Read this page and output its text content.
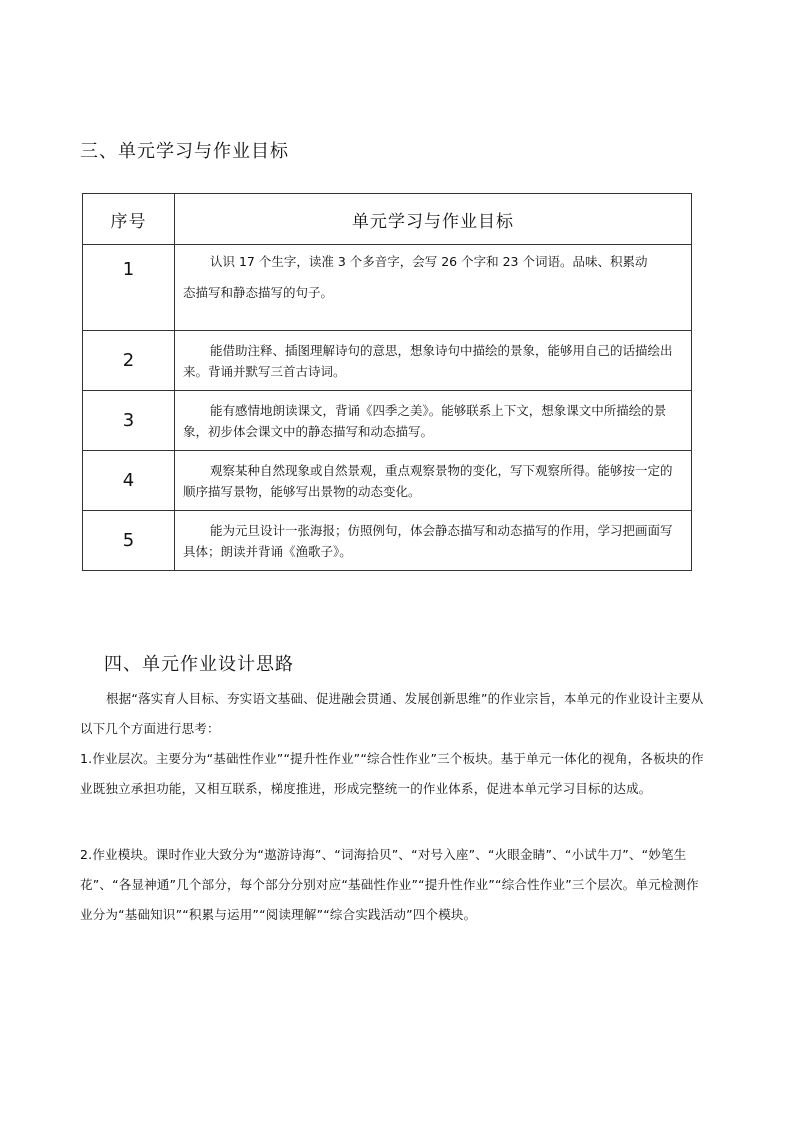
三、单元学习与作业目标
序号	单元学习与作业目标
1	认识 17 个生字，读准 3 个多音字，会写 26 个字和 23 个词语。品味、积累动

态描写和静态描写的句子。

2	能借助注释、插图理解诗句的意思，想象诗句中描绘的景象，能够用自己的话描绘出来。背诵并默写三首古诗词。

3	能有感情地朗读课文，背诵《四季之美》。能够联系上下文，想象课文中所描绘的景象，初步体会课文中的静态描写和动态描写。

4	观察某种自然现象或自然景观，重点观察景物的变化，写下观察所得。能够按一定的顺序描写景物，能够写出景物的动态变化。

5	能为元旦设计一张海报；仿照例句，体会静态描写和动态描写的作用，学习把画面写具体；朗读并背诵《渔歌子》。

四、单元作业设计思路

根据“落实育人目标、夯实语文基础、促进融会贯通、发展创新思维”的作业宗旨，本单元的作业设计主要从以下几个方面进行思考：

1.作业层次。主要分为“基础性作业”“提升性作业”“综合性作业”三个板块。基于单元一体化的视角，各板块的作业既独立承担功能，又相互联系，梯度推进，形成完整统一的作业体系，促进本单元学习目标的达成。

2.作业模块。课时作业大致分为“遨游诗海”、“词海拾贝”、“对号入座”、“火眼金睛”、“小试牛刀”、“妙笔生花”、“各显神通”几个部分，每个部分分别对应“基础性作业”“提升性作业”“综合性作业”三个层次。单元检测作业分为“基础知识”“积累与运用”“阅读理解”“综合实践活动”四个模块。
